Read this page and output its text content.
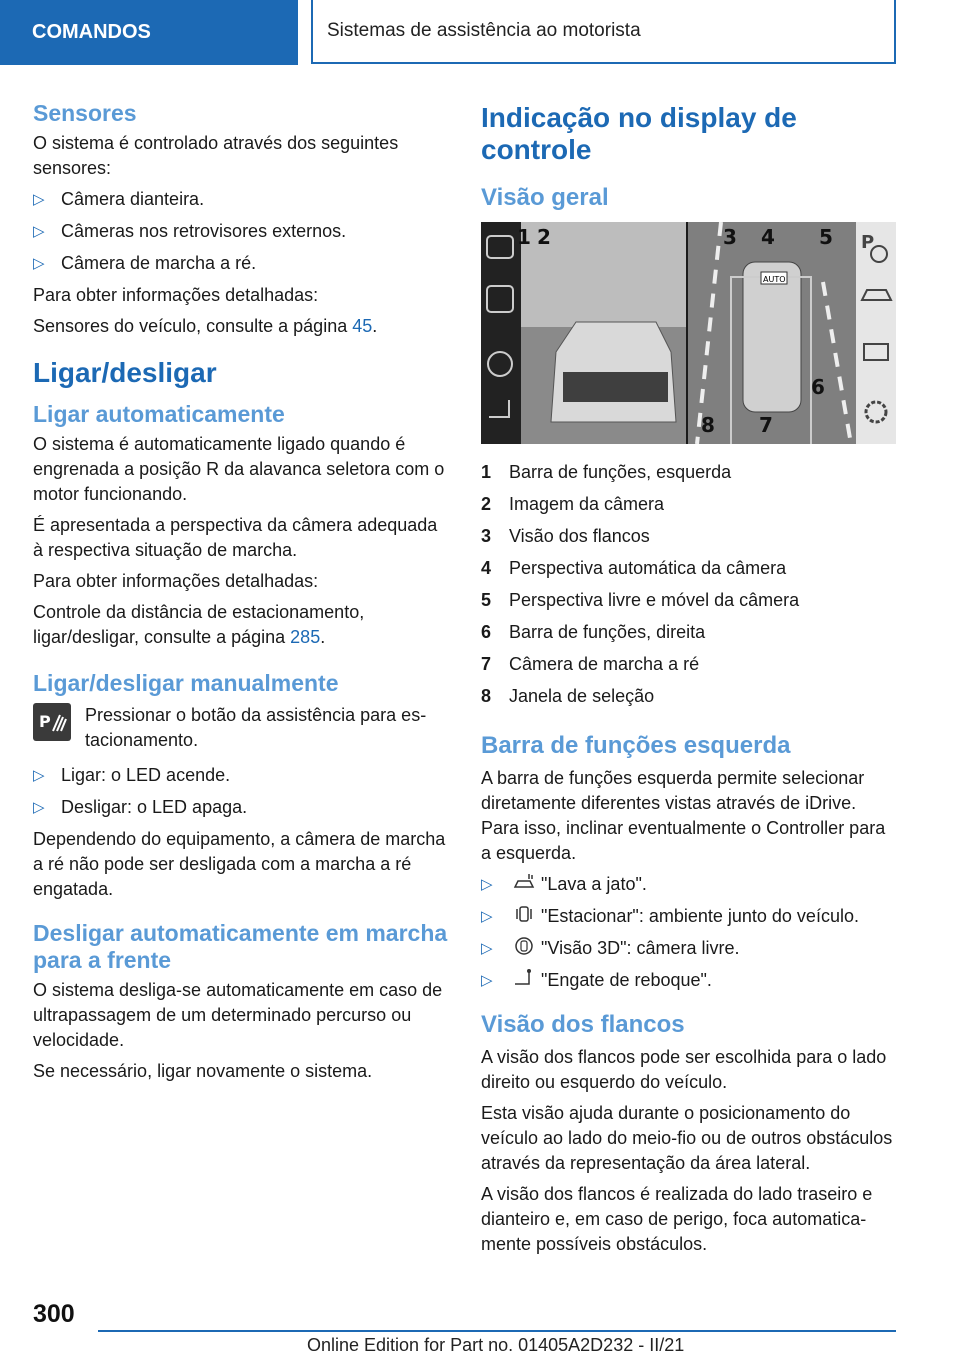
COMANDOS	Sistemas de assistência ao motorista
Sensores

O sistema é controlado através dos seguintes sensores:

▷ Câmera dianteira.
▷ Câmeras nos retrovisores externos.
▷ Câmera de marcha a ré.

Para obter informações detalhadas:

Sensores do veículo, consulte a página 45.

Ligar/desligar
Ligar automaticamente

O sistema é automaticamente ligado quando é engrenada a posição R da alavanca seletora com o motor funcionando.

É apresentada a perspectiva da câmera adequada à respectiva situação de marcha.

Para obter informações detalhadas:

Controle da distância de estacionamento, ligar/desligar, consulte a página 285.

Ligar/desligar manualmente
P Pressionar o botão da assistência para estacionamento.

▷ Ligar: o LED acende.
▷ Desligar: o LED apaga.

Dependendo do equipamento, a câmera de marcha a ré não pode ser desligada com a marcha a ré engatada.

Desligar automaticamente em marcha para a frente

O sistema desliga-se automaticamente em caso de ultrapassagem de um determinado percurso ou velocidade.

Se necessário, ligar novamente o sistema.

Indicação no display de controle
Visão geral
AUTO
P
1 2	3 4 5
6
7
8
1 Barra de funções, esquerda
2 Imagem da câmera
3 Visão dos flancos
4 Perspectiva automática da câmera
5 Perspectiva livre e móvel da câmera
6 Barra de funções, direita
7 Câmera de marcha a ré
8 Janela de seleção
Barra de funções esquerda

A barra de funções esquerda permite selecionar diretamente diferentes vistas através de iDrive. Para isso, inclinar eventualmente o Controller para a esquerda.

▷	"Lava a jato".
▷	"Estacionar": ambiente junto do veículo.
▷	"Visão 3D": câmera livre.
▷	"Engate de reboque".
Visão dos flancos

A visão dos flancos pode ser escolhida para o lado direito ou esquerdo do veículo.

Esta visão ajuda durante o posicionamento do veículo ao lado do meio-fio ou de outros obstáculos através da representação da área lateral.

A visão dos flancos é realizada do lado traseiro e dianteiro e, em caso de perigo, foca automaticamente possíveis obstáculos.

300
Online Edition for Part no. 01405A2D232 - II/21
